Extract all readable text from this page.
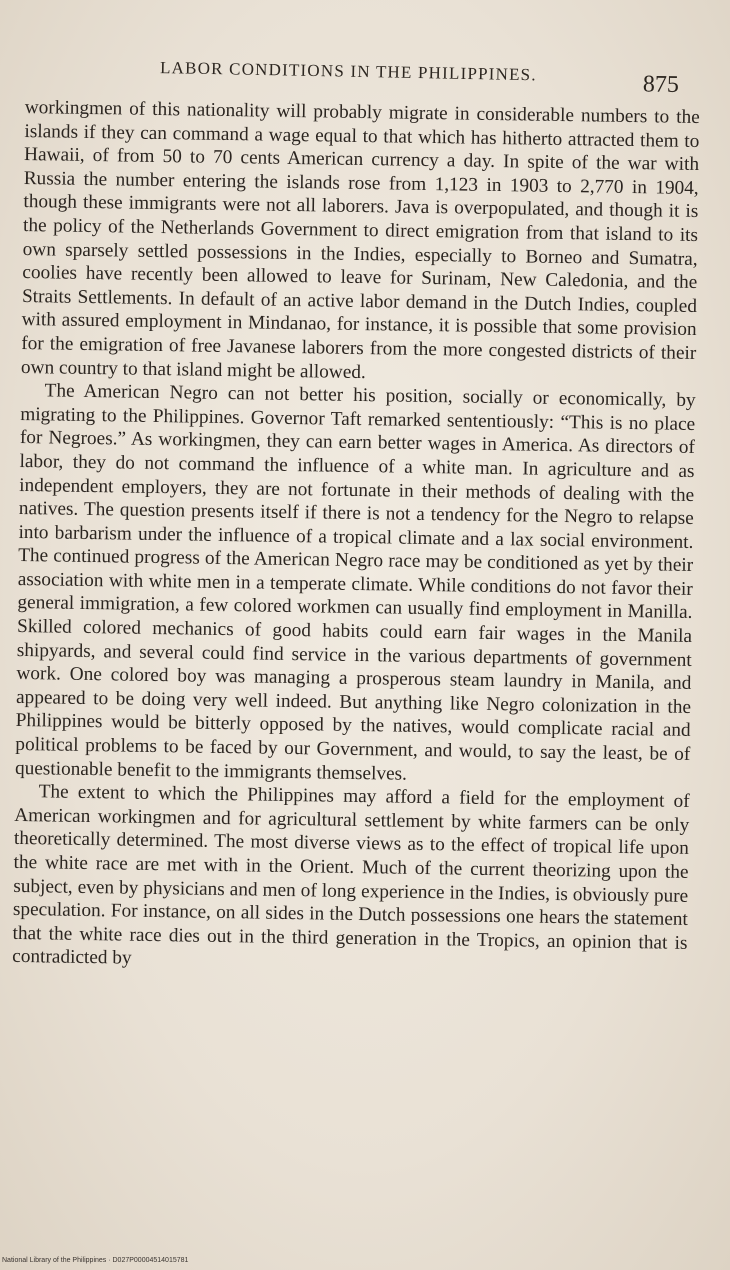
LABOR CONDITIONS IN THE PHILIPPINES.
875

workingmen of this nationality will probably migrate in considerable numbers to the islands if they can command a wage equal to that which has hitherto attracted them to Hawaii, of from 50 to 70 cents American currency a day. In spite of the war with Russia the number entering the islands rose from 1,123 in 1903 to 2,770 in 1904, though these immigrants were not all laborers. Java is overpopulated, and though it is the policy of the Netherlands Government to direct emigration from that island to its own sparsely settled possessions in the Indies, especially to Borneo and Sumatra, coolies have recently been allowed to leave for Surinam, New Caledonia, and the Straits Settlements. In default of an active labor demand in the Dutch Indies, coupled with assured employment in Mindanao, for instance, it is possible that some provision for the emigration of free Javanese laborers from the more congested districts of their own country to that island might be allowed.

The American Negro can not better his position, socially or economically, by migrating to the Philippines. Governor Taft remarked sententiously: “This is no place for Negroes.” As workingmen, they can earn better wages in America. As directors of labor, they do not command the influence of a white man. In agriculture and as independent employers, they are not fortunate in their methods of dealing with the natives. The question presents itself if there is not a tendency for the Negro to relapse into barbarism under the influence of a tropical climate and a lax social environment. The continued progress of the American Negro race may be conditioned as yet by their association with white men in a temperate climate. While conditions do not favor their general immigration, a few colored workmen can usually find employment in Manilla. Skilled colored mechanics of good habits could earn fair wages in the Manila shipyards, and several could find service in the various departments of government work. One colored boy was managing a prosperous steam laundry in Manila, and appeared to be doing very well indeed. But anything like Negro colonization in the Philippines would be bitterly opposed by the natives, would complicate racial and political problems to be faced by our Government, and would, to say the least, be of questionable benefit to the immigrants themselves.

The extent to which the Philippines may afford a field for the employment of American workingmen and for agricultural settlement by white farmers can be only theoretically determined. The most diverse views as to the effect of tropical life upon the white race are met with in the Orient. Much of the current theorizing upon the subject, even by physicians and men of long experience in the Indies, is obviously pure speculation. For instance, on all sides in the Dutch possessions one hears the statement that the white race dies out in the third generation in the Tropics, an opinion that is contradicted by

National Library of the Philippines · D027P00004514015781
